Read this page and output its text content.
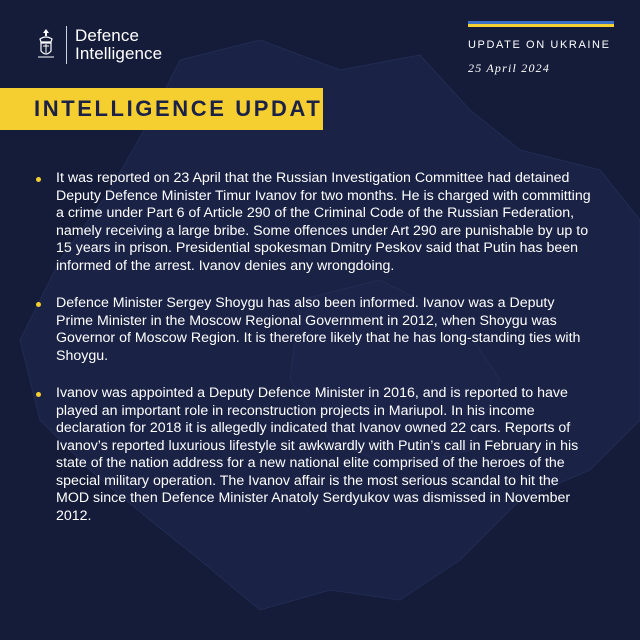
Defence
Intelligence	UPDATE ON UKRAINE
25 April 2024
INTELLIGENCE UPDATE
It was reported on 23 April that the Russian Investigation Committee had detained Deputy Defence Minister Timur Ivanov for two months. He is charged with committing a crime under Part 6 of Article 290 of the Criminal Code of the Russian Federation, namely receiving a large bribe. Some offences under Art 290 are punishable by up to 15 years in prison. Presidential spokesman Dmitry Peskov said that Putin has been informed of the arrest. Ivanov denies any wrongdoing.
Defence Minister Sergey Shoygu has also been informed. Ivanov was a Deputy Prime Minister in the Moscow Regional Government in 2012, when Shoygu was Governor of Moscow Region. It is therefore likely that he has long-standing ties with Shoygu.
Ivanov was appointed a Deputy Defence Minister in 2016, and is reported to have played an important role in reconstruction projects in Mariupol. In his income declaration for 2018 it is allegedly indicated that Ivanov owned 22 cars. Reports of Ivanov’s reported luxurious lifestyle sit awkwardly with Putin’s call in February in his state of the nation address for a new national elite comprised of the heroes of the special military operation. The Ivanov affair is the most serious scandal to hit the MOD since then Defence Minister Anatoly Serdyukov was dismissed in November 2012.
